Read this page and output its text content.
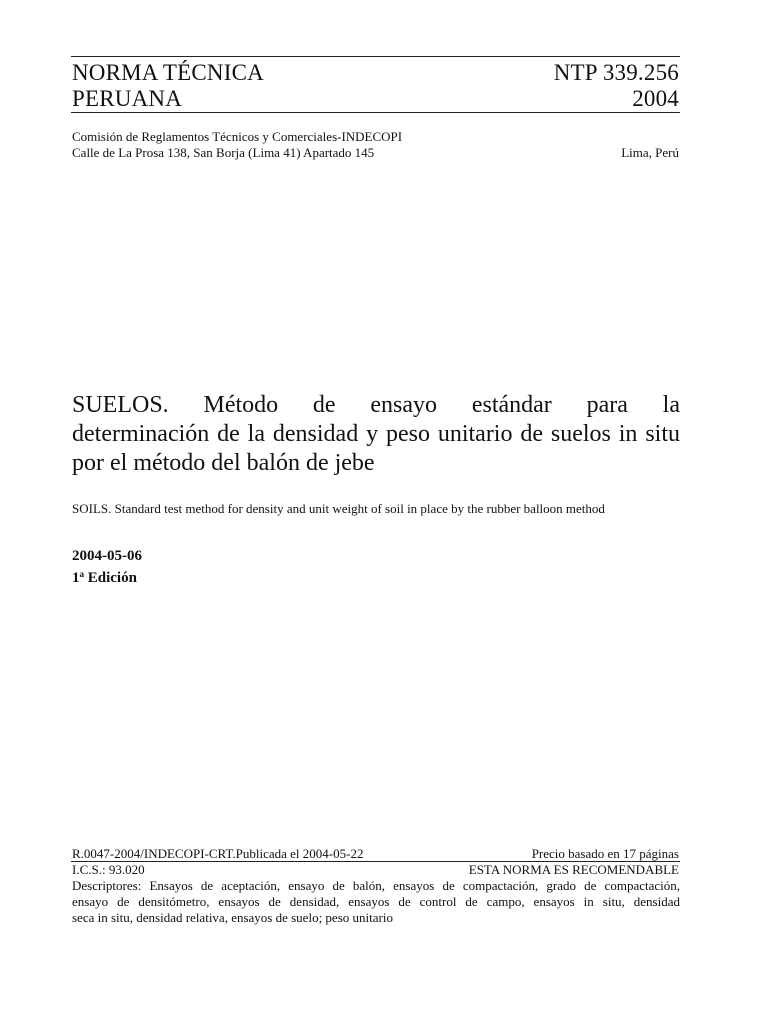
NORMA TÉCNICA
PERUANA
NTP 339.256
2004
Comisión de Reglamentos Técnicos y Comerciales-INDECOPI
Calle de La Prosa 138, San Borja (Lima 41) Apartado 145	Lima, Perú
SUELOS. Método de ensayo estándar para la
determinación de la densidad y peso unitario de suelos in situ por el método del balón de jebe
SOILS. Standard test method for density and unit weight of soil in place by the rubber balloon method
2004-05-06
1$^a$ Edición
R.0047-2004/INDECOPI-CRT.Publicada el 2004-05-22	Precio basado en 17 páginas
I.C.S.: 93.020	ESTA NORMA ES RECOMENDABLE
Descriptores: Ensayos de aceptación, ensayo de balón, ensayos de compactación, grado de compactación,
ensayo de densitómetro, ensayos de densidad, ensayos de control de campo, ensayos in situ, densidad
seca in situ, densidad relativa, ensayos de suelo; peso unitario
